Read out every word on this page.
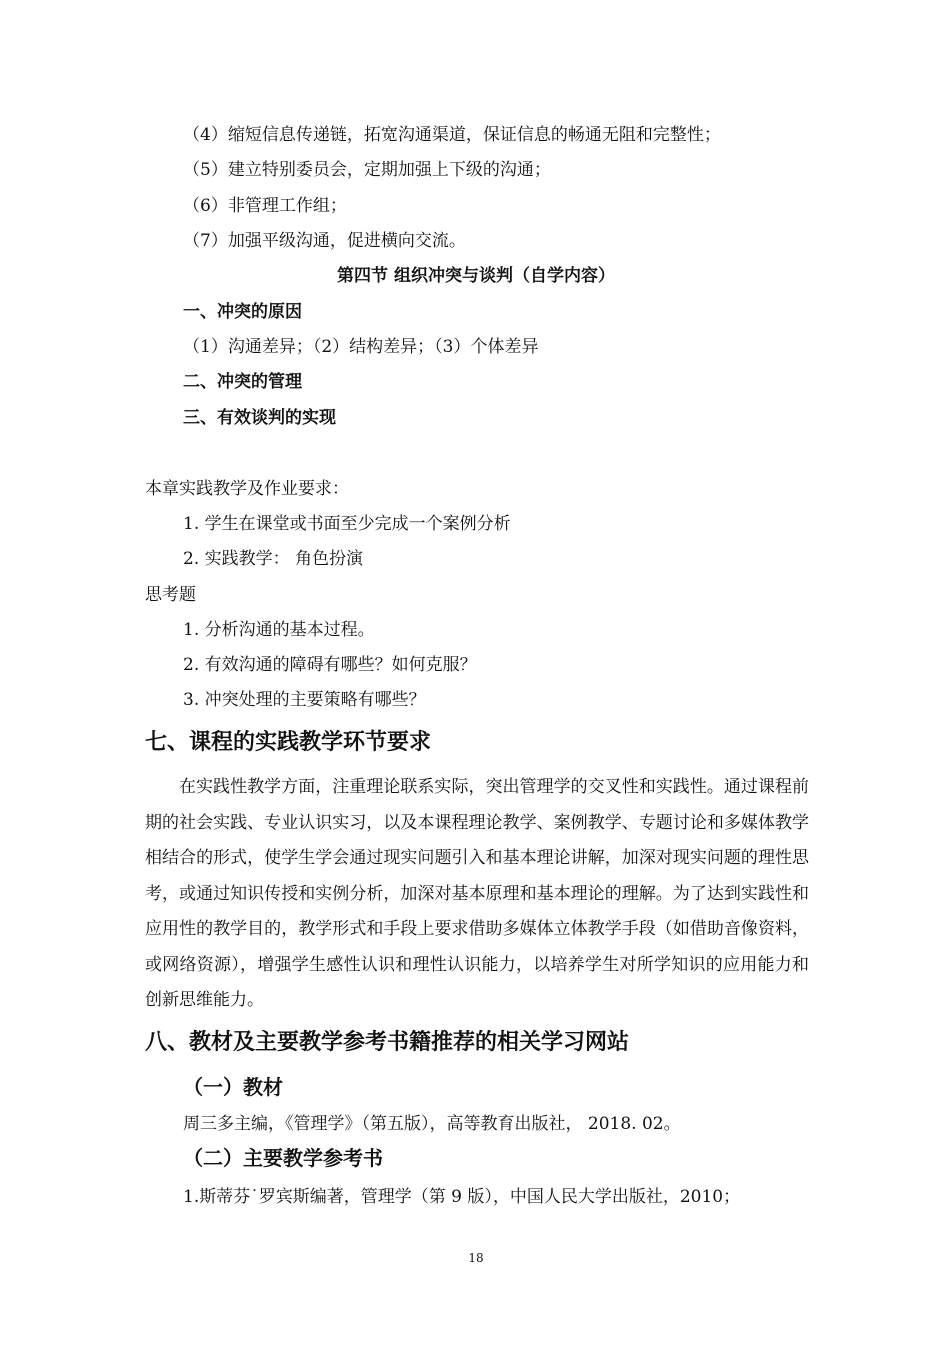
（4）缩短信息传递链，拓宽沟通渠道，保证信息的畅通无阻和完整性；
（5）建立特别委员会，定期加强上下级的沟通；
（6）非管理工作组；
（7）加强平级沟通，促进横向交流。
第四节 组织冲突与谈判（自学内容）
一、冲突的原因
（1）沟通差异；（2）结构差异；（3）个体差异
二、冲突的管理
三、有效谈判的实现
本章实践教学及作业要求：
1. 学生在课堂或书面至少完成一个案例分析
2. 实践教学： 角色扮演
思考题
1. 分析沟通的基本过程。
2. 有效沟通的障碍有哪些？如何克服？
3. 冲突处理的主要策略有哪些？
七、课程的实践教学环节要求
在实践性教学方面，注重理论联系实际，突出管理学的交叉性和实践性。通过课程前期的社会实践、专业认识实习，以及本课程理论教学、案例教学、专题讨论和多媒体教学相结合的形式，使学生学会通过现实问题引入和基本理论讲解，加深对现实问题的理性思考，或通过知识传授和实例分析，加深对基本原理和基本理论的理解。为了达到实践性和应用性的教学目的，教学形式和手段上要求借助多媒体立体教学手段（如借助音像资料，或网络资源），增强学生感性认识和理性认识能力，以培养学生对所学知识的应用能力和创新思维能力。
八、教材及主要教学参考书籍推荐的相关学习网站
（一）教材
周三多主编，《管理学》（第五版），高等教育出版社， 2018. 02。
（二）主要教学参考书
1.斯蒂芬˙罗宾斯编著，管理学（第 9 版），中国人民大学出版社，2010；
18
